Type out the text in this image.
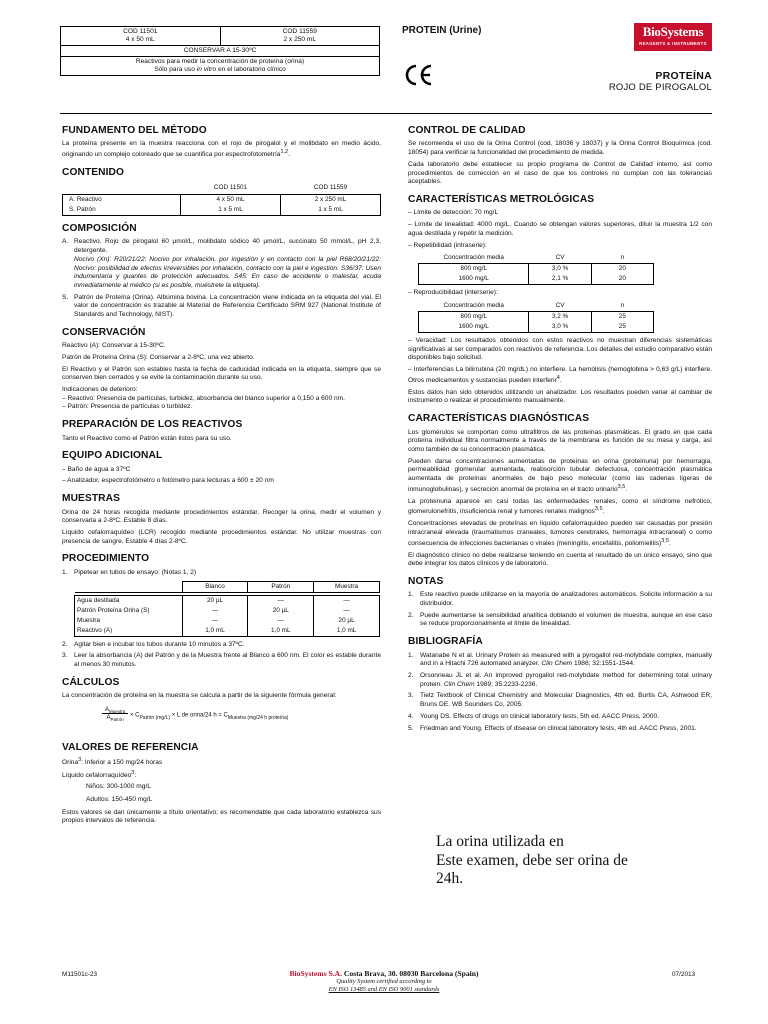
COD 11501
4 x 50 mL

COD 11559
2 x 250 mL

CONSERVAR A 15-30ºC

Reactivos para medir la concentración de proteína (orina)
Sólo para uso in vitro en el laboratorio clínico
PROTEIN (Urine)	BioSystems
REAGENTS & INSTRUMENTS
PROTEÍNA
ROJO DE PIROGALOL
FUNDAMENTO DEL MÉTODO

La proteína presente en la muestra reacciona con el rojo de pirogalol y el molibdato en medio ácido, originando un complejo coloreado que se cuantifica por espectrofotometría$^{1,2}$.

CONTENIDO
	COD 11501	COD 11559

A. Reactivo	4 x 50 mL	2 x 250 mL
S. Patrón	1 x 5 mL	1 x 5 mL
COMPOSICIÓN
A. Reactivo. Rojo de pirogalol 60 µmol/L, molibdato sódico 40 µmol/L, succinato 50 mmol/L, pH 2,3, detergente.
Nocivo (Xn): R20/21/22: Nocivo por inhalación, por ingestión y en contacto con la piel R68/20/21/22: Nocivo: posibilidad de efectos irreversibles por inhalación, contacto con la piel e ingestión. S36/37: Usen indumentaria y guantes de protección adecuados. S45: En caso de accidente o malestar, acuda inmediatamente al médico (si es posible, muéstrele la etiqueta).
S. Patrón de Proteína (Orina). Albúmina bovina. La concentración viene indicada en la etiqueta del vial. El valor de concentración es trazable al Material de Referencia Certificado SRM 927 (National Institute of Standards and Technology, NIST).
CONSERVACIÓN

Reactivo (A): Conservar a 15-30ºC.

Patrón de Proteína Orina (S): Conservar a 2-8ºC, una vez abierto.

El Reactivo y el Patrón son estables hasta la fecha de caducidad indicada en la etiqueta, siempre que se conserven bien cerrados y se evite la contaminación durante su uso.

Indicaciones de deterioro:

– Reactivo: Presencia de partículas, turbidez, absorbancia del blanco superior a 0,150 a 600 nm.

– Patrón: Presencia de partículas o turbidez.

PREPARACIÓN DE LOS REACTIVOS

Tanto el Reactivo como el Patrón están listos para su uso.

EQUIPO ADICIONAL

– Baño de agua a 37ºC

– Analizador, espectrofotómetro o fotómetro para lecturas a 600 ± 20 nm

MUESTRAS

Orina de 24 horas recogida mediante procedimientos estándar. Recoger la orina, medir el volumen y conservarla a 2-8ºC. Estable 8 días.

Líquido cefalorraquídeo (LCR) recogido mediante procedimientos estándar. No utilizar muestras con presencia de sangre. Estable 4 días 2-8ºC.

PROCEDIMIENTO
1. Pipetear en tubos de ensayo: (Notas 1, 2)
	Blanco	Patrón	Muestra

Agua destilada	20 µL	—	—
Patrón Proteína Orina (S)	—	20 µL	—
Muestra	—	—	20 µL
Reactivo (A)	1,0 mL	1,0 mL	1,0 mL
2. Agitar bien e incubar los tubos durante 10 minutos a 37ºC.
3. Leer la absorbancia (A) del Patrón y de la Muestra frente al Blanco a 600 nm. El color es estable durante al menos 30 minutos.
CÁLCULOS

La concentración de proteína en la muestra se calcula a partir de la siguiente fórmula general:

$\frac{A_{Muestra}}{A_{Patrón}} \times C_{Patrón (mg/L)} \times L$ de orina/24 $h = C_{Muestra (mg/24 h proteína)}$
VALORES DE REFERENCIA

Orina$^3$: Inferior a 150 mg/24 horas

Líquido cefalorraquídeo$^3$:

Niños: 300-1000 mg/L

Adultos: 150-450 mg/L

Estos valores se dan únicamente a título orientativo; es recomendable que cada laboratorio establezca sus propios intervalos de referencia.

CONTROL DE CALIDAD

Se recomienda el uso de la Orina Control (cod. 18036 y 18037) y la Orina Control Bioquímica (cod. 18054) para verificar la funcionalidad del procedimiento de medida.

Cada laboratorio debe establecer su propio programa de Control de Calidad interno, así como procedimientos de corrección en el caso de que los controles no cumplan con las tolerancias aceptables.

CARACTERÍSTICAS METROLÓGICAS

– Límite de detección: 70 mg/L

– Límite de linealidad: 4000 mg/L. Cuando se obtengan valores superiores, diluir la muestra 1/2 con agua destilada y repetir la medición.

– Repetibilidad (intraserie):

Concentración media	CV	n
800 mg/L	3,0 %	20
1600 mg/L	2,1 %	20

– Reproducibilidad (interserie):

Concentración media	CV	n
800 mg/L	3,2 %	25
1600 mg/L	3,0 %	25

– Veracidad: Los resultados obtenidos con estos reactivos no muestran diferencias sistemáticas significativas al ser comparados con reactivos de referencia. Los detalles del estudio comparativo están disponibles bajo solicitud.

– Interferencias La bilirrubina (20 mg/dL) no interfiere. La hemólisis (hemoglobina > 0,63 g/L) interfiere. Otros medicamentos y sustancias pueden interferir$^4$.

Estos datos han sido obtenidos utilizando un analizador. Los resultados pueden variar al cambiar de instrumento o realizar el procedimiento manualmente.

CARACTERÍSTICAS DIAGNÓSTICAS

Los glomérulos se comportan como ultrafiltros de las proteínas plasmáticas. El grado en que cada proteína individual filtra normalmente a través de la membrana es función de su masa y carga, así como también de su concentración plasmática.

Pueden darse concentraciones aumentadas de proteínas en orina (proteinuria) por hemorragia, permeabilidad glomerular aumentada, reabsorción tubular defectuosa, concentración plasmática aumentada de proteínas anormales de bajo peso molecular (como las cadenas ligeras de inmunoglobulinas), y secreción anormal de proteína en el tracto urinario$^{3,5}$.

La proteinuria aparece en casi todas las enfermedades renales, como el síndrome nefrótico, glomerulonefritis, insuficiencia renal y tumores renales malignos$^{3,5}$.

Concentraciones elevadas de proteínas en líquido cefalorraquídeo pueden ser causadas por presión intracraneal elevada (traumatismos craneales, tumores cerebrales, hemorragia intracraneal) o como consecuencia de infecciones bacterianas o virales (meningitis, encefalitis, poliomielitis)$^{3,5}$.

El diagnóstico clínico no debe realizarse teniendo en cuenta el resultado de un único ensayo, sino que debe integrar los datos clínicos y de laboratorio.

NOTAS
1. Este reactivo puede utilizarse en la mayoría de analizadores automáticos. Solicite información a su distribuidor.
2. Puede aumentarse la sensibilidad analítica doblando el volumen de muestra, aunque en ese caso se reduce proporcionalmente el límite de linealidad.
BIBLIOGRAFÍA
1. Watanabe N et al. Urinary Protein as measured with a pyrogallol red-molybdate complex, manually and in a Hitachi 726 automated analyzer. Clin Chem 1986; 32:1551-1544.
2. Orsonneau JL et al. An improved pyrogallol red-molybdate method for determining total urinary protein. Clin Chem 1989; 35:2233-2236.
3. Tietz Textbook of Clinical Chemistry and Molecular Diagnostics, 4th ed. Burtis CA, Ashwood ER, Bruns DE. WB Sounders Co, 2005.
4. Young DS. Effects of drugs on clinical laboratory tests, 5th ed. AACC Press, 2000.
5. Friedman and Young. Effects of disease on clinical laboratory tests, 4th ed. AACC Press, 2001.
La orina utilizada en
Este examen, debe ser orina de
24h.
M11501c-23	BioSystems S.A. Costa Brava, 30. 08030 Barcelona (Spain)
Quality System certified according to
EN ISO 13485 and EN ISO 9001 standards
07/2013
